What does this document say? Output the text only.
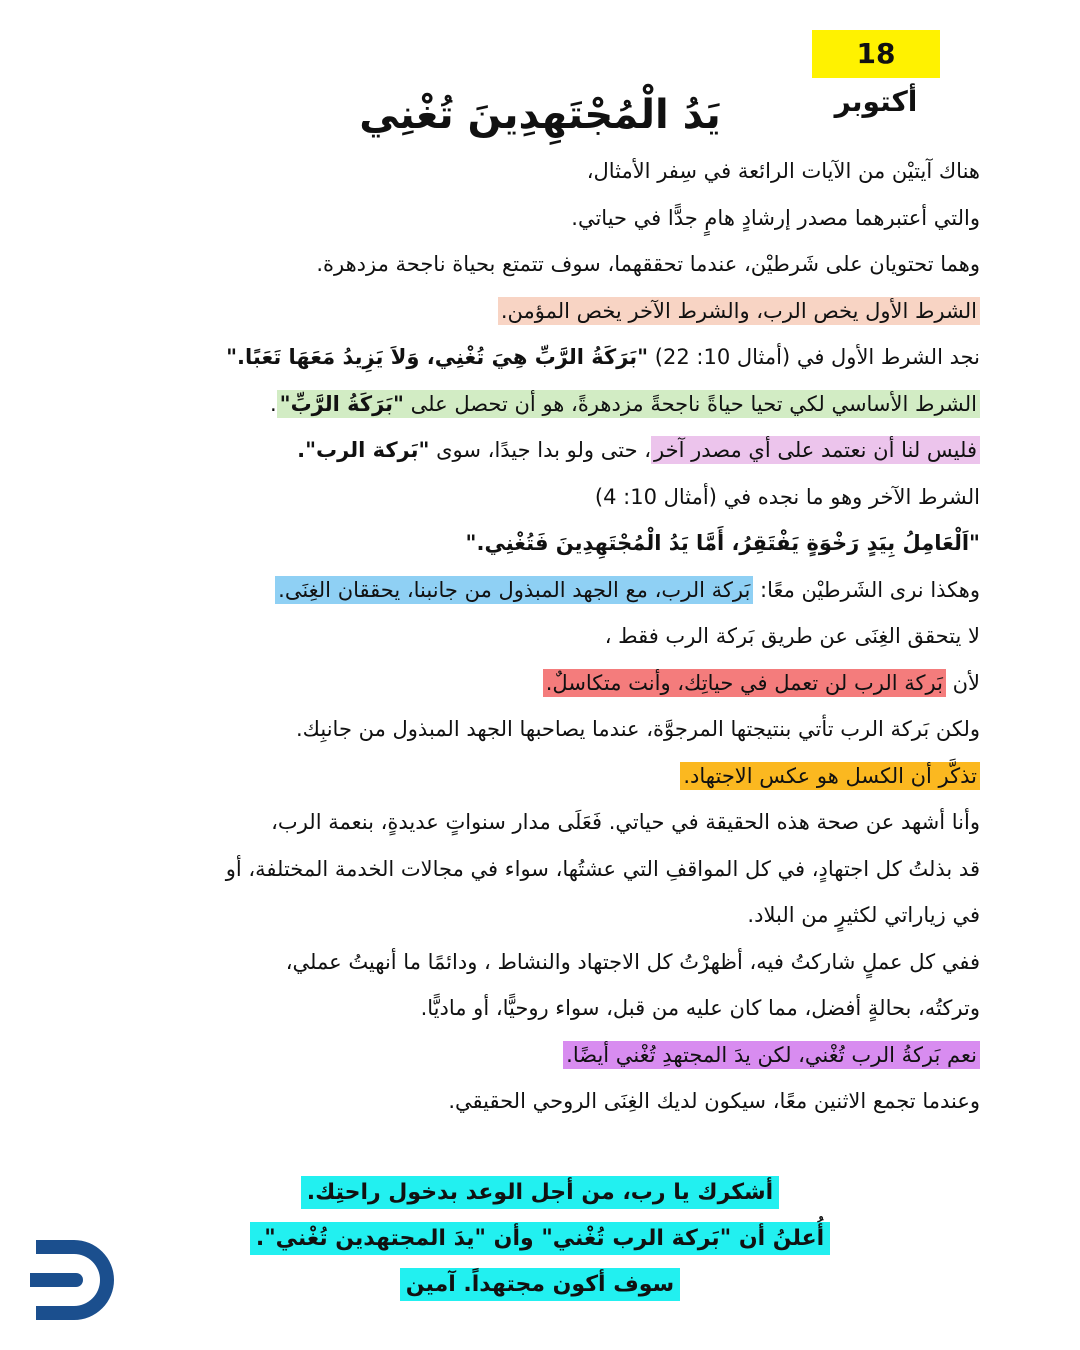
18 أكتوبر
يَدُ الْمُجْتَهِدِينَ تُغْنِي
هناك آيتيْن من الآيات الرائعة في سِفر الأمثال،
والتي أعتبرهما مصدر إرشادٍ هامٍ جدًّا في حياتي.
وهما تحتويان على شَرطيْن، عندما تحققهما، سوف تتمتع بحياة ناجحة مزدهرة.
الشرط الأول يخص الرب، والشرط الآخر يخص المؤمن.
نجد الشرط الأول في (أمثال 10: 22) "بَرَكَةُ الرَّبِّ هِيَ تُغْنِي، وَلاَ يَزِيدُ مَعَهَا تَعَبًا."
الشرط الأساسي لكي تحيا حياةً ناجحةً مزدهرةً، هو أن تحصل على "بَرَكَةُ الرَّبِّ".
فليس لنا أن نعتمد على أي مصدر آخر، حتى ولو بدا جيدًا، سوى "بَركة الرب".
الشرط الآخر وهو ما نجده في (أمثال 10: 4)
"اَلْعَامِلُ بِيَدٍ رَخْوَةٍ يَفْتَقِرُ، أَمَّا يَدُ الْمُجْتَهِدِينَ فَتُغْنِي."
وهكذا نرى الشَرطيْن معًا: بَركة الرب، مع الجهد المبذول من جانبنا، يحققان الغِنَى.
لا يتحقق الغِنَى عن طريق بَركة الرب فقط ،
لأن بَركة الرب لن تعمل في حياتِك، وأنت متكاسلٌ.
ولكن بَركة الرب تأتي بنتيجتها المرجوَّة، عندما يصاحبها الجهد المبذول من جانبِك.
تذكَّر أن الكسل هو عكس الاجتهاد.
وأنا أشهد عن صحة هذه الحقيقة في حياتي. فَعَلَى مدار سنواتٍ عديدةٍ، بنعمة الرب،
قد بذلتُ كل اجتهادٍ، في كل المواقفِ التي عشتُها، سواء في مجالات الخدمة المختلفة، أو
في زياراتي لكثيرٍ من البلاد.
ففي كل عملٍ شاركتُ فيه، أظهرْتُ كل الاجتهاد والنشاط ، ودائمًا ما أنهيتُ عملي،
وتركتُه، بحالةٍ أفضل، مما كان عليه من قبل، سواء روحيًّا، أو ماديًّا.
نعم بَركةُ الرب تُغْني، لكن يدَ المجتهدِ تُغْني أيضًا.
وعندما تجمع الاثنين معًا، سيكون لديك الغِنَى الروحي الحقيقي.
أشكرك يا رب، من أجل الوعد بدخول راحتِك.
أُعلنُ أن "بَركة الرب تُغْني" وأن "يدَ المجتهدين تُغْني".
سوف أكون مجتهداً. آمين
